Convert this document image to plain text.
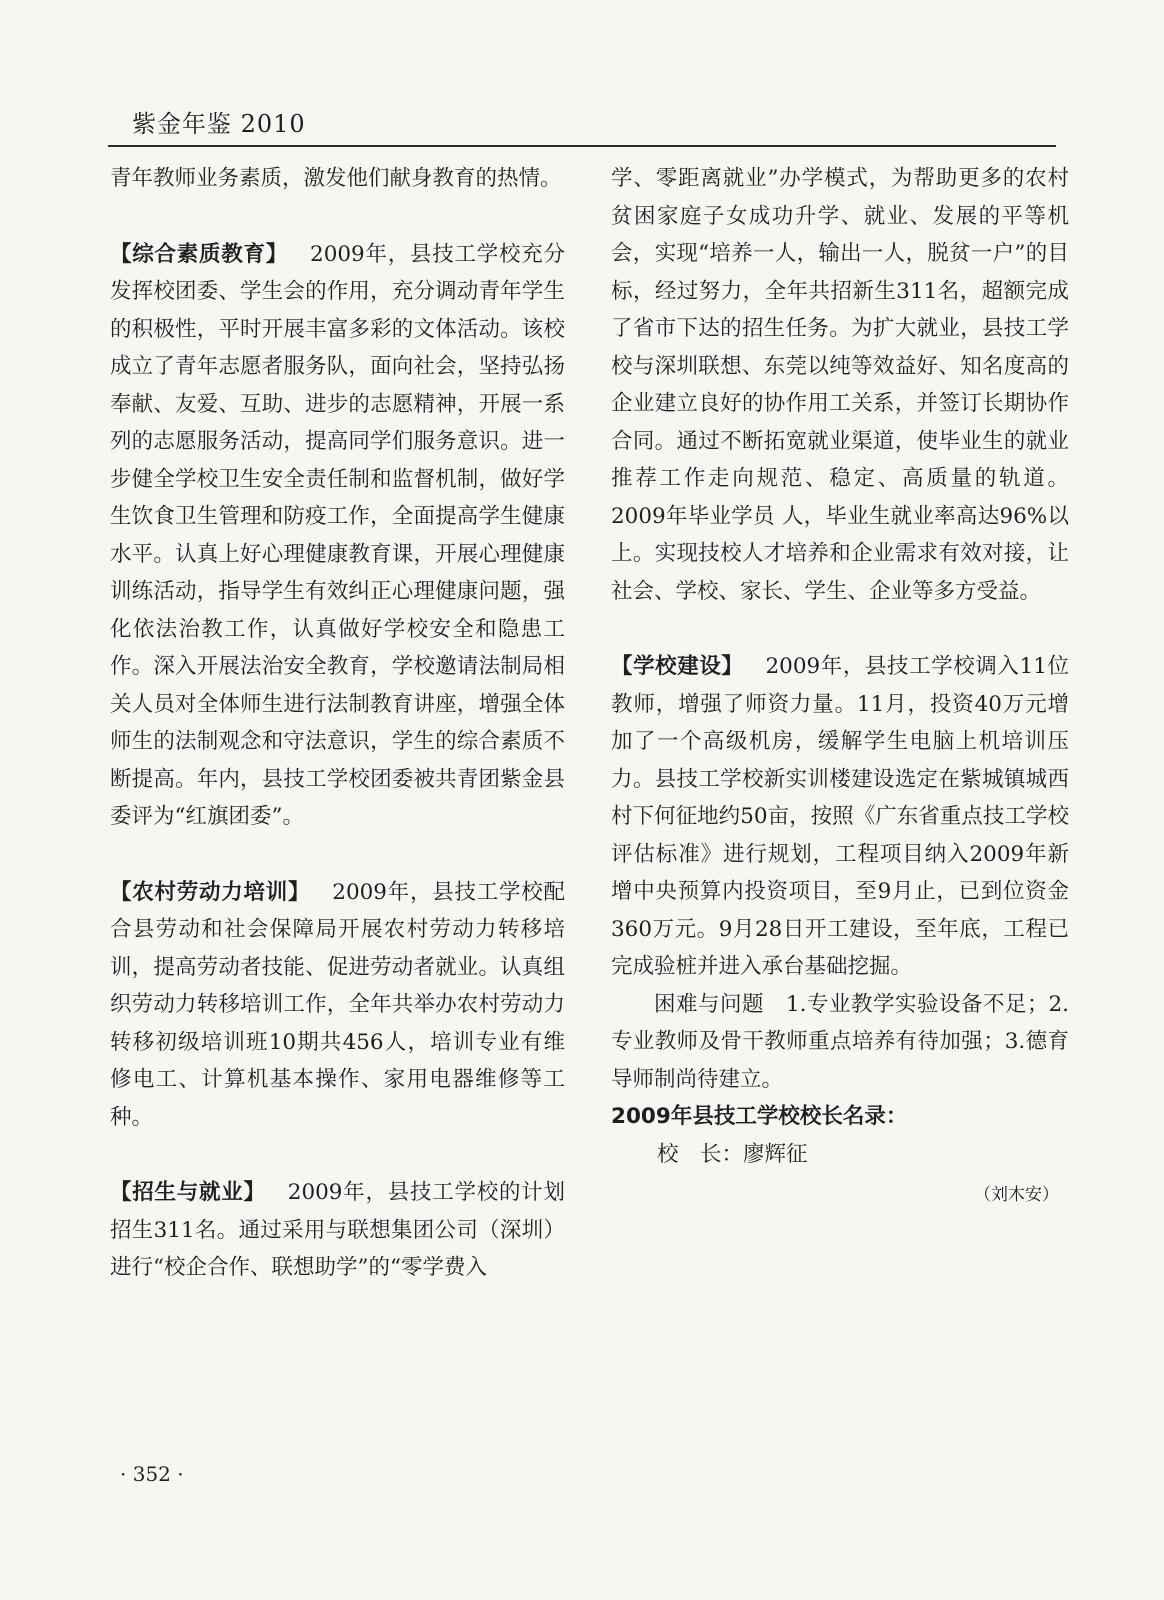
紫金年鉴 2010

青年教师业务素质，激发他们献身教育的热情。

【综合素质教育】 2009年，县技工学校充分发挥校团委、学生会的作用，充分调动青年学生的积极性，平时开展丰富多彩的文体活动。该校成立了青年志愿者服务队，面向社会，坚持弘扬奉献、友爱、互助、进步的志愿精神，开展一系列的志愿服务活动，提高同学们服务意识。进一步健全学校卫生安全责任制和监督机制，做好学生饮食卫生管理和防疫工作，全面提高学生健康水平。认真上好心理健康教育课，开展心理健康训练活动，指导学生有效纠正心理健康问题，强化依法治教工作，认真做好学校安全和隐患工作。深入开展法治安全教育，学校邀请法制局相关人员对全体师生进行法制教育讲座，增强全体师生的法制观念和守法意识，学生的综合素质不断提高。年内，县技工学校团委被共青团紫金县委评为“红旗团委”。

【农村劳动力培训】 2009年，县技工学校配合县劳动和社会保障局开展农村劳动力转移培训，提高劳动者技能、促进劳动者就业。认真组织劳动力转移培训工作，全年共举办农村劳动力转移初级培训班10期共456人，培训专业有维修电工、计算机基本操作、家用电器维修等工种。

【招生与就业】 2009年，县技工学校的计划招生311名。通过采用与联想集团公司（深圳）进行“校企合作、联想助学”的“零学费入

学、零距离就业”办学模式，为帮助更多的农村贫困家庭子女成功升学、就业、发展的平等机会，实现“培养一人，输出一人，脱贫一户”的目标，经过努力，全年共招新生311名，超额完成了省市下达的招生任务。为扩大就业，县技工学校与深圳联想、东莞以纯等效益好、知名度高的企业建立良好的协作用工关系，并签订长期协作合同。通过不断拓宽就业渠道，使毕业生的就业推荐工作走向规范、稳定、高质量的轨道。2009年毕业学员 人，毕业生就业率高达96%以上。实现技校人才培养和企业需求有效对接，让社会、学校、家长、学生、企业等多方受益。

【学校建设】 2009年，县技工学校调入11位教师，增强了师资力量。11月，投资40万元增加了一个高级机房，缓解学生电脑上机培训压力。县技工学校新实训楼建设选定在紫城镇城西村下何征地约50亩，按照《广东省重点技工学校评估标准》进行规划，工程项目纳入2009年新增中央预算内投资项目，至9月止，已到位资金360万元。9月28日开工建设，至年底，工程已完成验桩并进入承台基础挖掘。

困难与问题　1.专业教学实验设备不足；2.专业教师及骨干教师重点培养有待加强；3.德育导师制尚待建立。

2009年县技工学校校长名录：

校　长：廖辉征

（刘木安）
· 352 ·
